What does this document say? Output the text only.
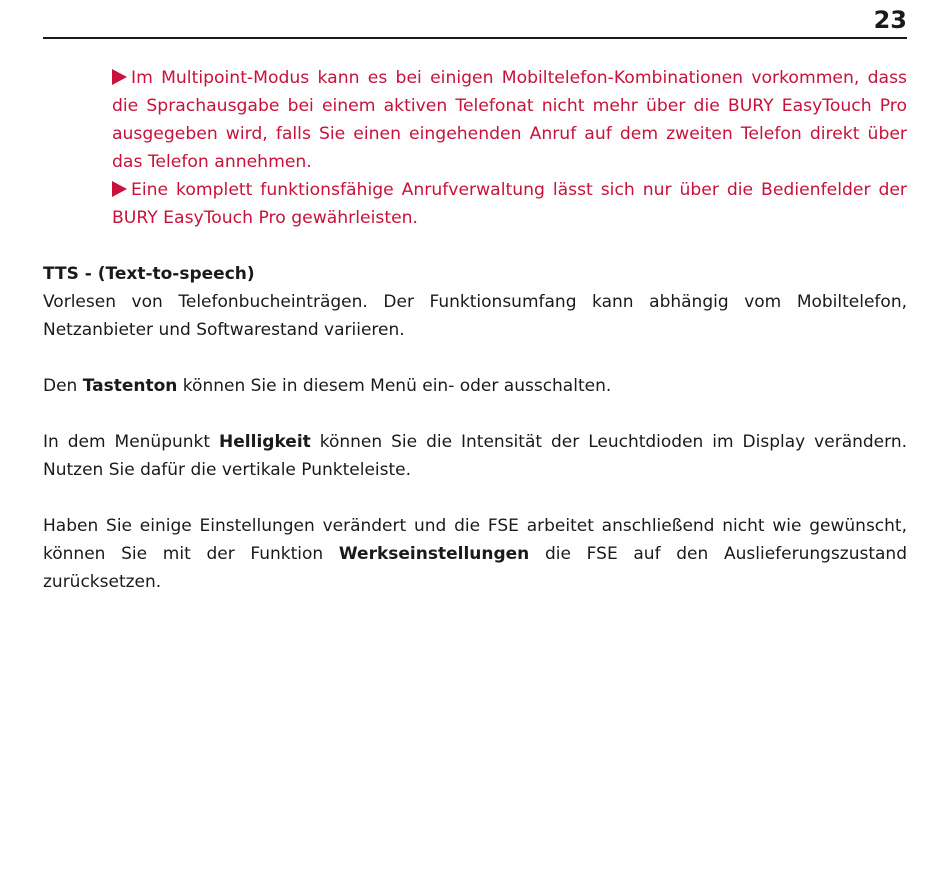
23

Im Multipoint-Modus kann es bei einigen Mobiltelefon-Kombinationen vorkommen, dass die Sprachausgabe bei einem aktiven Telefonat nicht mehr über die BURY EasyTouch Pro ausgegeben wird, falls Sie einen eingehenden Anruf auf dem zweiten Telefon direkt über das Telefon annehmen.

Eine komplett funktionsfähige Anrufverwaltung lässt sich nur über die Bedienfelder der BURY EasyTouch Pro gewährleisten.

TTS - (Text-to-speech)

Vorlesen von Telefonbucheinträgen. Der Funktionsumfang kann abhängig vom Mobiltelefon, Netzanbieter und Softwarestand variieren.

Den Tastenton können Sie in diesem Menü ein- oder ausschalten.

In dem Menüpunkt Helligkeit können Sie die Intensität der Leuchtdioden im Display verändern. Nutzen Sie dafür die vertikale Punkteleiste.

Haben Sie einige Einstellungen verändert und die FSE arbeitet anschließend nicht wie gewünscht, können Sie mit der Funktion Werkseinstellungen die FSE auf den Auslieferungszustand zurücksetzen.
